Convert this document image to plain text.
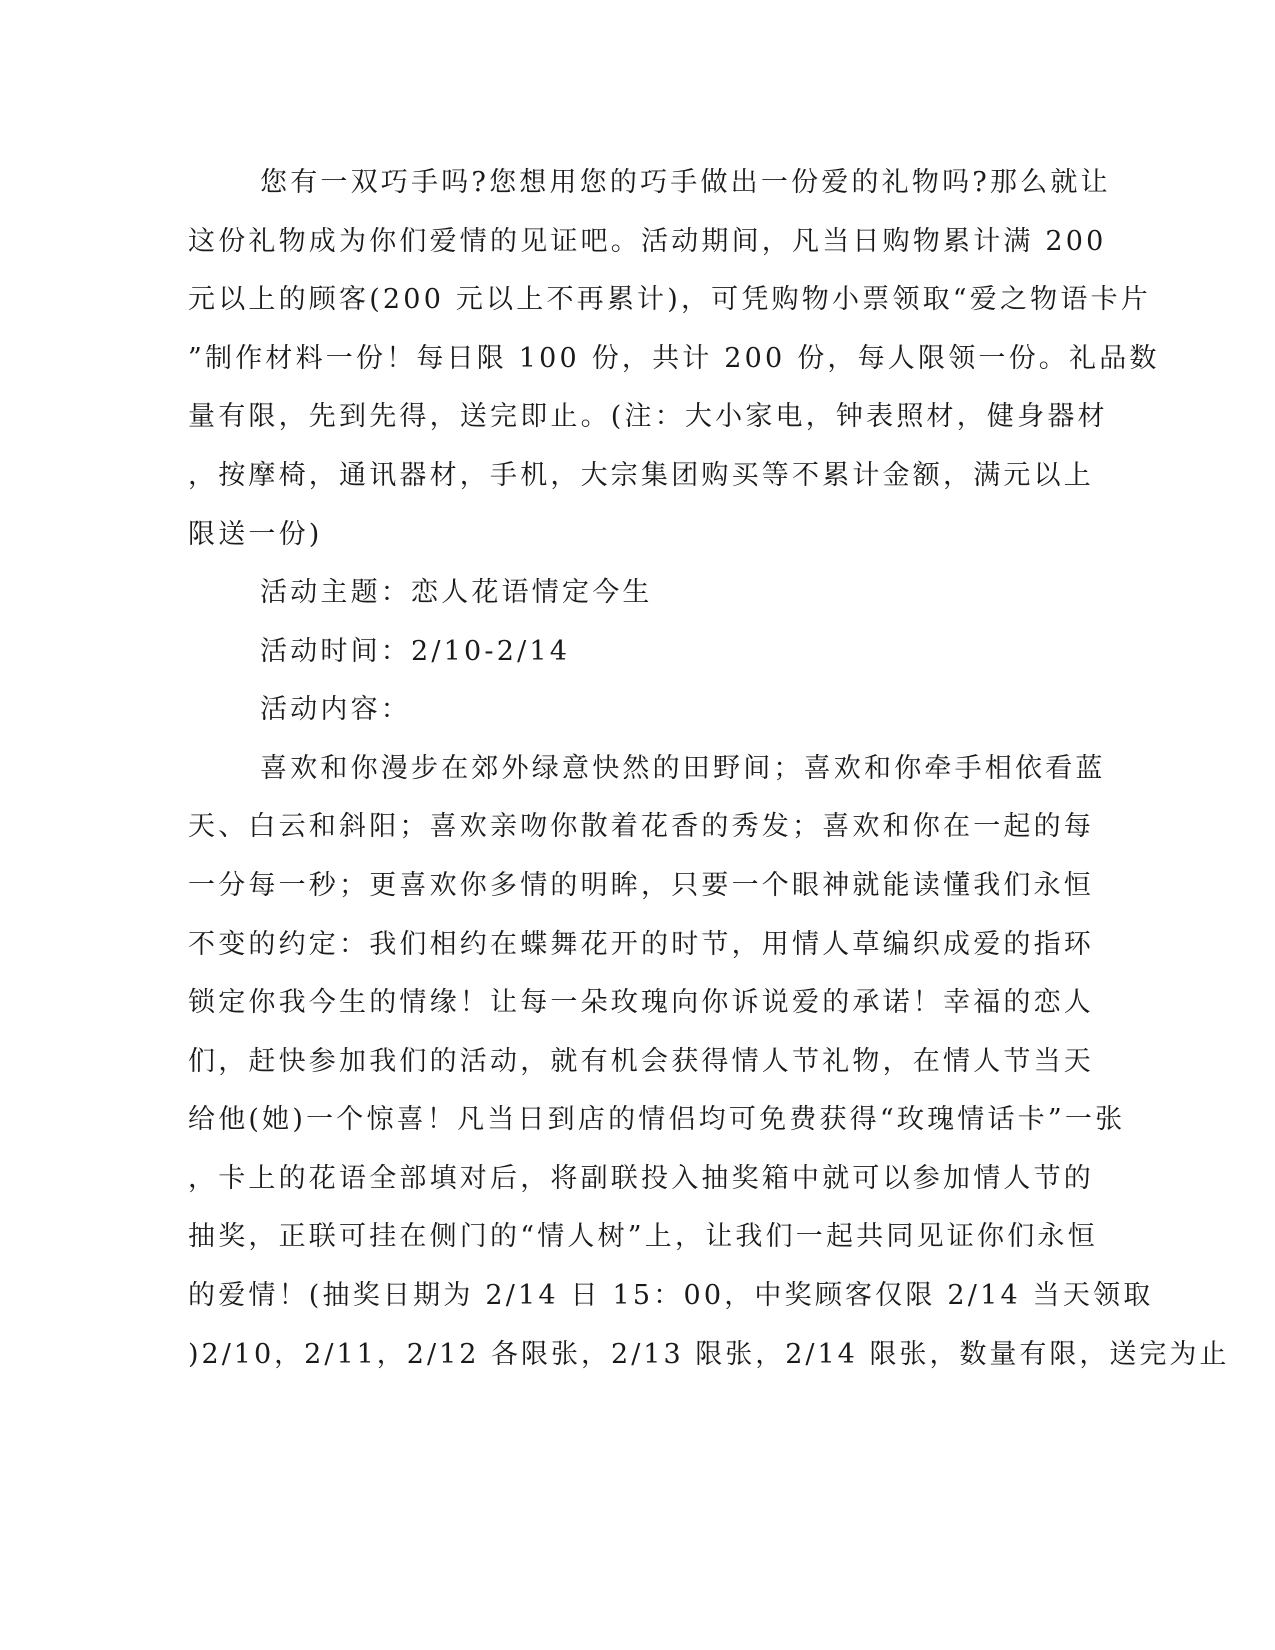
您有一双巧手吗?您想用您的巧手做出一份爱的礼物吗?那么就让
这份礼物成为你们爱情的见证吧。活动期间，凡当日购物累计满 200
元以上的顾客(200 元以上不再累计)，可凭购物小票领取“爱之物语卡片
”制作材料一份！每日限 100 份，共计 200 份，每人限领一份。礼品数
量有限，先到先得，送完即止。(注：大小家电，钟表照材，健身器材
，按摩椅，通讯器材，手机，大宗集团购买等不累计金额，满元以上
限送一份)
活动主题：恋人花语情定今生
活动时间：2/10-2/14
活动内容：
喜欢和你漫步在郊外绿意快然的田野间；喜欢和你牵手相依看蓝
天、白云和斜阳；喜欢亲吻你散着花香的秀发；喜欢和你在一起的每
一分每一秒；更喜欢你多情的明眸，只要一个眼神就能读懂我们永恒
不变的约定：我们相约在蝶舞花开的时节，用情人草编织成爱的指环
锁定你我今生的情缘！让每一朵玫瑰向你诉说爱的承诺！幸福的恋人
们，赶快参加我们的活动，就有机会获得情人节礼物，在情人节当天
给他(她)一个惊喜！凡当日到店的情侣均可免费获得“玫瑰情话卡”一张
，卡上的花语全部填对后，将副联投入抽奖箱中就可以参加情人节的
抽奖，正联可挂在侧门的“情人树”上，让我们一起共同见证你们永恒
的爱情！(抽奖日期为 2/14 日 15：00，中奖顾客仅限 2/14 当天领取
)2/10，2/11，2/12 各限张，2/13 限张，2/14 限张，数量有限，送完为止
